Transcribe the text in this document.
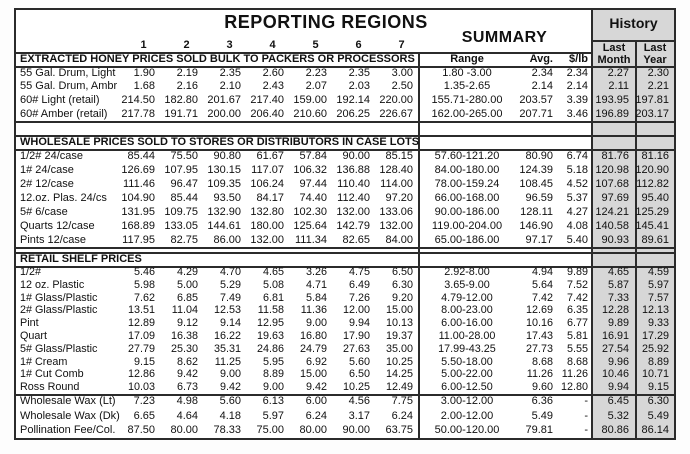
REPORTING REGIONS
SUMMARY
History
Last Month
Last Year
1	2	3	4	5	6	7
EXTRACTED HONEY PRICES SOLD BULK TO PACKERS OR PROCESSORS	Range	Avg.	$/lb
55 Gal. Drum, Light	1.90	2.19	2.35	2.60	2.23	2.35	3.00	1.80 -3.00	2.34	2.34	2.27	2.30
55 Gal. Drum, Ambr	1.68	2.16	2.10	2.43	2.07	2.03	2.50	1.35-2.65	2.14	2.14	2.11	2.21
60# Light (retail)	214.50 182.80 201.67 217.40 159.00 192.14 220.00	155.71-280.00	203.57	3.39 193.95 197.81
60# Amber (retail)	217.78 191.71 200.00 206.40 210.60 206.25 226.67	162.00-265.00	207.71	3.46 196.89 203.17
WHOLESALE PRICES SOLD TO STORES OR DISTRIBUTORS IN CASE LOTS
1/2# 24/case	85.44	75.50	90.80	61.67	57.84	90.00	85.15	57.60-121.20	80.90	6.74	81.76	81.16
1# 24/case	126.69 107.95 130.15 117.07 106.32 136.88 128.40	84.00-180.00	124.39	5.18 120.98 120.90
2# 12/case	111.46	96.47 109.35 106.24	97.44 110.40 114.00	78.00-159.24	108.45	4.52 107.68 112.82
12.oz. Plas. 24/cs	104.90	85.44	93.50	84.17	74.40 112.40	97.20	66.00-168.00	96.59	5.37	97.69	95.40
5# 6/case	131.95 109.75 132.90 132.80 102.30 132.00 133.06	90.00-186.00	128.11	4.27 124.21 125.29
Quarts 12/case	168.89 133.05 144.61 180.00 125.64 142.79 132.00	119.00-204.00	146.90	4.08 140.58 145.41
Pints 12/case	117.95	82.75	86.00 132.00 111.34	82.65	84.00	65.00-186.00	97.17	5.40	90.93	89.61
RETAIL SHELF PRICES
1/2#	5.46	4.29	4.70	4.65	3.26	4.75	6.50	2.92-8.00	4.94	9.89	4.65	4.59
12 oz. Plastic	5.98	5.00	5.29	5.08	4.71	6.49	6.30	3.65-9.00	5.64	7.52	5.87	5.97
1# Glass/Plastic	7.62	6.85	7.49	6.81	5.84	7.26	9.20	4.79-12.00	7.42	7.42	7.33	7.57
2# Glass/Plastic	13.51	11.04	12.53	11.58	11.36	12.00	15.00	8.00-23.00	12.69	6.35	12.28	12.13
Pint	12.89	9.12	9.14	12.95	9.00	9.94	10.13	6.00-16.00	10.16	6.77	9.89	9.33
Quart	17.09	16.38	16.22	19.63	16.80	17.90	19.37	11.00-28.00	17.43	5.81	16.91	17.29
5# Glass/Plastic	27.79	25.30	35.31	24.86	24.79	27.63	35.00	17.99-43.25	27.73	5.55	27.54	25.92
1# Cream	9.15	8.62	11.25	5.95	6.92	5.60	10.25	5.50-18.00	8.68	8.68	9.96	8.89
1# Cut Comb	12.86	9.42	9.00	8.89	15.00	6.50	14.25	5.00-22.00	11.26 11.26	10.46	10.71
Ross Round	10.03	6.73	9.42	9.00	9.42	10.25	12.49	6.00-12.50	9.60 12.80	9.94	9.15
Wholesale Wax (Lt)	7.23	4.98	5.60	6.13	6.00	4.56	7.75	3.00-12.00	6.36	-	6.45	6.30
Wholesale Wax (Dk)	6.65	4.64	4.18	5.97	6.24	3.17	6.24	2.00-12.00	5.49	-	5.32	5.49
Pollination Fee/Col.	87.50	80.00	78.33	75.00	80.00	90.00	63.75	50.00-120.00	79.81	-	80.86	86.14
